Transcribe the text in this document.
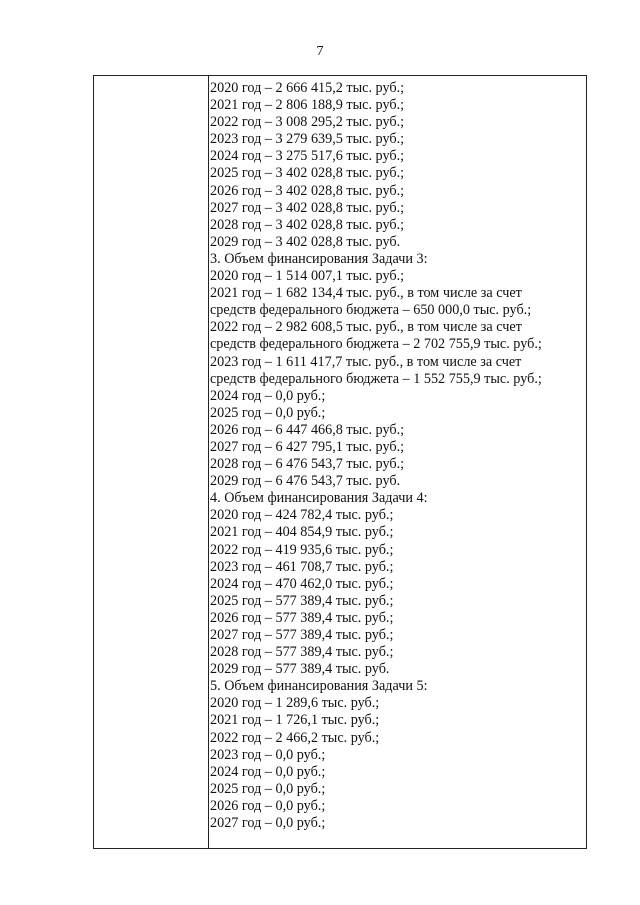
7
2020 год – 2 666 415,2 тыс. руб.;
2021 год – 2 806 188,9 тыс. руб.;
2022 год – 3 008 295,2 тыс. руб.;
2023 год – 3 279 639,5 тыс. руб.;
2024 год – 3 275 517,6 тыс. руб.;
2025 год – 3 402 028,8 тыс. руб.;
2026 год – 3 402 028,8 тыс. руб.;
2027 год – 3 402 028,8 тыс. руб.;
2028 год – 3 402 028,8 тыс. руб.;
2029 год – 3 402 028,8 тыс. руб.
3. Объем финансирования Задачи 3:
2020 год – 1 514 007,1 тыс. руб.;
2021 год – 1 682 134,4 тыс. руб., в том числе за счет
средств федерального бюджета – 650 000,0 тыс. руб.;
2022 год – 2 982 608,5 тыс. руб., в том числе за счет
средств федерального бюджета – 2 702 755,9 тыс. руб.;
2023 год – 1 611 417,7 тыс. руб., в том числе за счет
средств федерального бюджета – 1 552 755,9 тыс. руб.;
2024 год – 0,0 руб.;
2025 год – 0,0 руб.;
2026 год – 6 447 466,8 тыс. руб.;
2027 год – 6 427 795,1 тыс. руб.;
2028 год – 6 476 543,7 тыс. руб.;
2029 год – 6 476 543,7 тыс. руб.
4. Объем финансирования Задачи 4:
2020 год – 424 782,4 тыс. руб.;
2021 год – 404 854,9 тыс. руб.;
2022 год – 419 935,6 тыс. руб.;
2023 год – 461 708,7 тыс. руб.;
2024 год – 470 462,0 тыс. руб.;
2025 год – 577 389,4 тыс. руб.;
2026 год – 577 389,4 тыс. руб.;
2027 год – 577 389,4 тыс. руб.;
2028 год – 577 389,4 тыс. руб.;
2029 год – 577 389,4 тыс. руб.
5. Объем финансирования Задачи 5:
2020 год – 1 289,6 тыс. руб.;
2021 год – 1 726,1 тыс. руб.;
2022 год – 2 466,2 тыс. руб.;
2023 год – 0,0 руб.;
2024 год – 0,0 руб.;
2025 год – 0,0 руб.;
2026 год – 0,0 руб.;
2027 год – 0,0 руб.;
